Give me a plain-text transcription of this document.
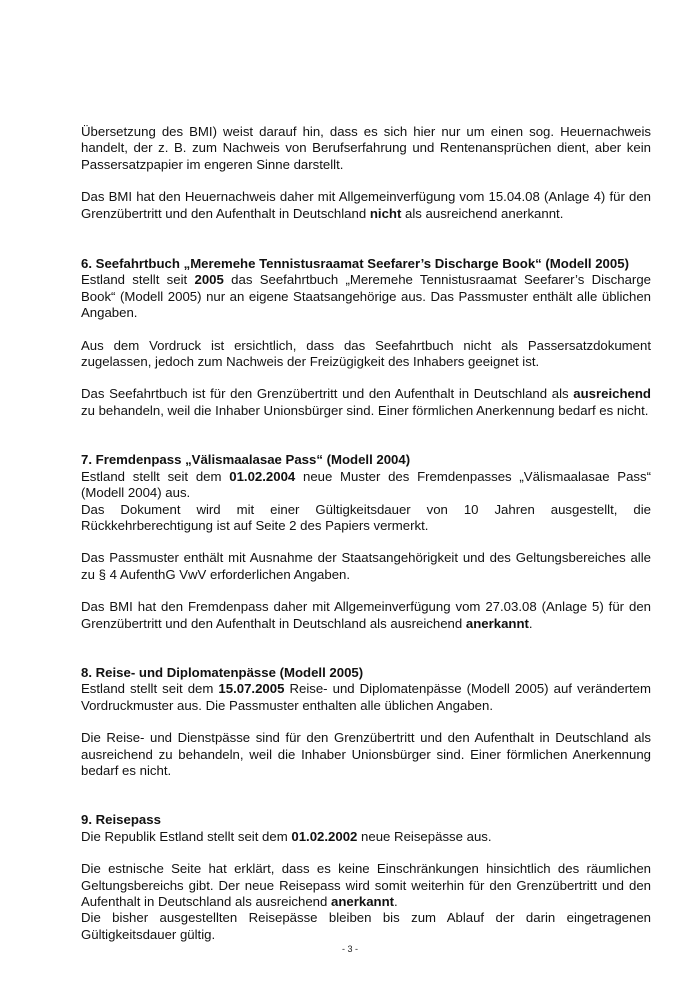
Übersetzung des BMI) weist darauf hin, dass es sich hier nur um einen sog. Heuernachweis handelt, der z. B. zum Nachweis von Berufserfahrung und Rentenansprüchen dient, aber kein Passersatzpapier im engeren Sinne darstellt.

Das BMI hat den Heuernachweis daher mit Allgemeinverfügung vom 15.04.08 (Anlage 4) für den Grenzübertritt und den Aufenthalt in Deutschland nicht als ausreichend anerkannt.

6. Seefahrtbuch „Meremehe Tennistusraamat Seefarer’s Discharge Book“ (Modell 2005)

Estland stellt seit 2005 das Seefahrtbuch „Meremehe Tennistusraamat Seefarer’s Discharge Book“ (Modell 2005) nur an eigene Staatsangehörige aus. Das Passmuster enthält alle üblichen Angaben.

Aus dem Vordruck ist ersichtlich, dass das Seefahrtbuch nicht als Passersatzdokument zugelassen, jedoch zum Nachweis der Freizügigkeit des Inhabers geeignet ist.

Das Seefahrtbuch ist für den Grenzübertritt und den Aufenthalt in Deutschland als ausreichend zu behandeln, weil die Inhaber Unionsbürger sind. Einer förmlichen Anerkennung bedarf es nicht.

7. Fremdenpass „Välismaalasae Pass“ (Modell 2004)

Estland stellt seit dem 01.02.2004 neue Muster des Fremdenpasses „Välismaalasae Pass“ (Modell 2004) aus.

Das Dokument wird mit einer Gültigkeitsdauer von 10 Jahren ausgestellt, die Rückkehrberechtigung ist auf Seite 2 des Papiers vermerkt.

Das Passmuster enthält mit Ausnahme der Staatsangehörigkeit und des Geltungsbereiches alle zu § 4 AufenthG VwV erforderlichen Angaben.

Das BMI hat den Fremdenpass daher mit Allgemeinverfügung vom 27.03.08 (Anlage 5) für den Grenzübertritt und den Aufenthalt in Deutschland als ausreichend anerkannt.

8. Reise- und Diplomatenpässe (Modell 2005)

Estland stellt seit dem 15.07.2005 Reise- und Diplomatenpässe (Modell 2005) auf verändertem Vordruckmuster aus. Die Passmuster enthalten alle üblichen Angaben.

Die Reise- und Dienstpässe sind für den Grenzübertritt und den Aufenthalt in Deutschland als ausreichend zu behandeln, weil die Inhaber Unionsbürger sind. Einer förmlichen Anerkennung bedarf es nicht.

9. Reisepass

Die Republik Estland stellt seit dem 01.02.2002 neue Reisepässe aus.

Die estnische Seite hat erklärt, dass es keine Einschränkungen hinsichtlich des räumlichen Geltungsbereichs gibt. Der neue Reisepass wird somit weiterhin für den Grenzübertritt und den Aufenthalt in Deutschland als ausreichend anerkannt.

Die bisher ausgestellten Reisepässe bleiben bis zum Ablauf der darin eingetragenen Gültigkeitsdauer gültig.

- 3 -
